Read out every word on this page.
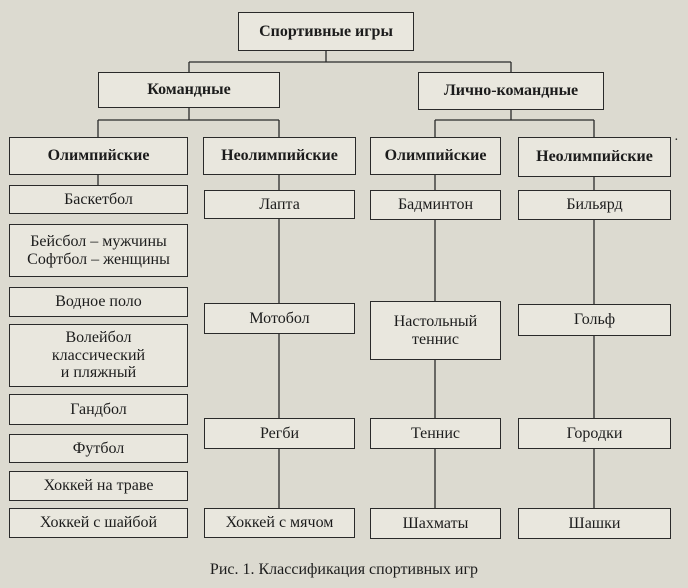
Спортивные игры
Командные	Лично-командные
Олимпийские	Неолимпийские	Олимпийские	Неолимпийские
Баскетбол
Бейсбол – мужчины
Софтбол – женщины
Водное поло
Волейбол
классический
и пляжный
Гандбол
Футбол
Хоккей на траве
Хоккей с шайбой
Лапта
Мотобол
Регби
Хоккей с мячом
Бадминтон
Настольный
теннис
Теннис
Шахматы
Бильярд
Гольф
Городки
Шашки
·
Рис. 1. Классификация спортивных игр
